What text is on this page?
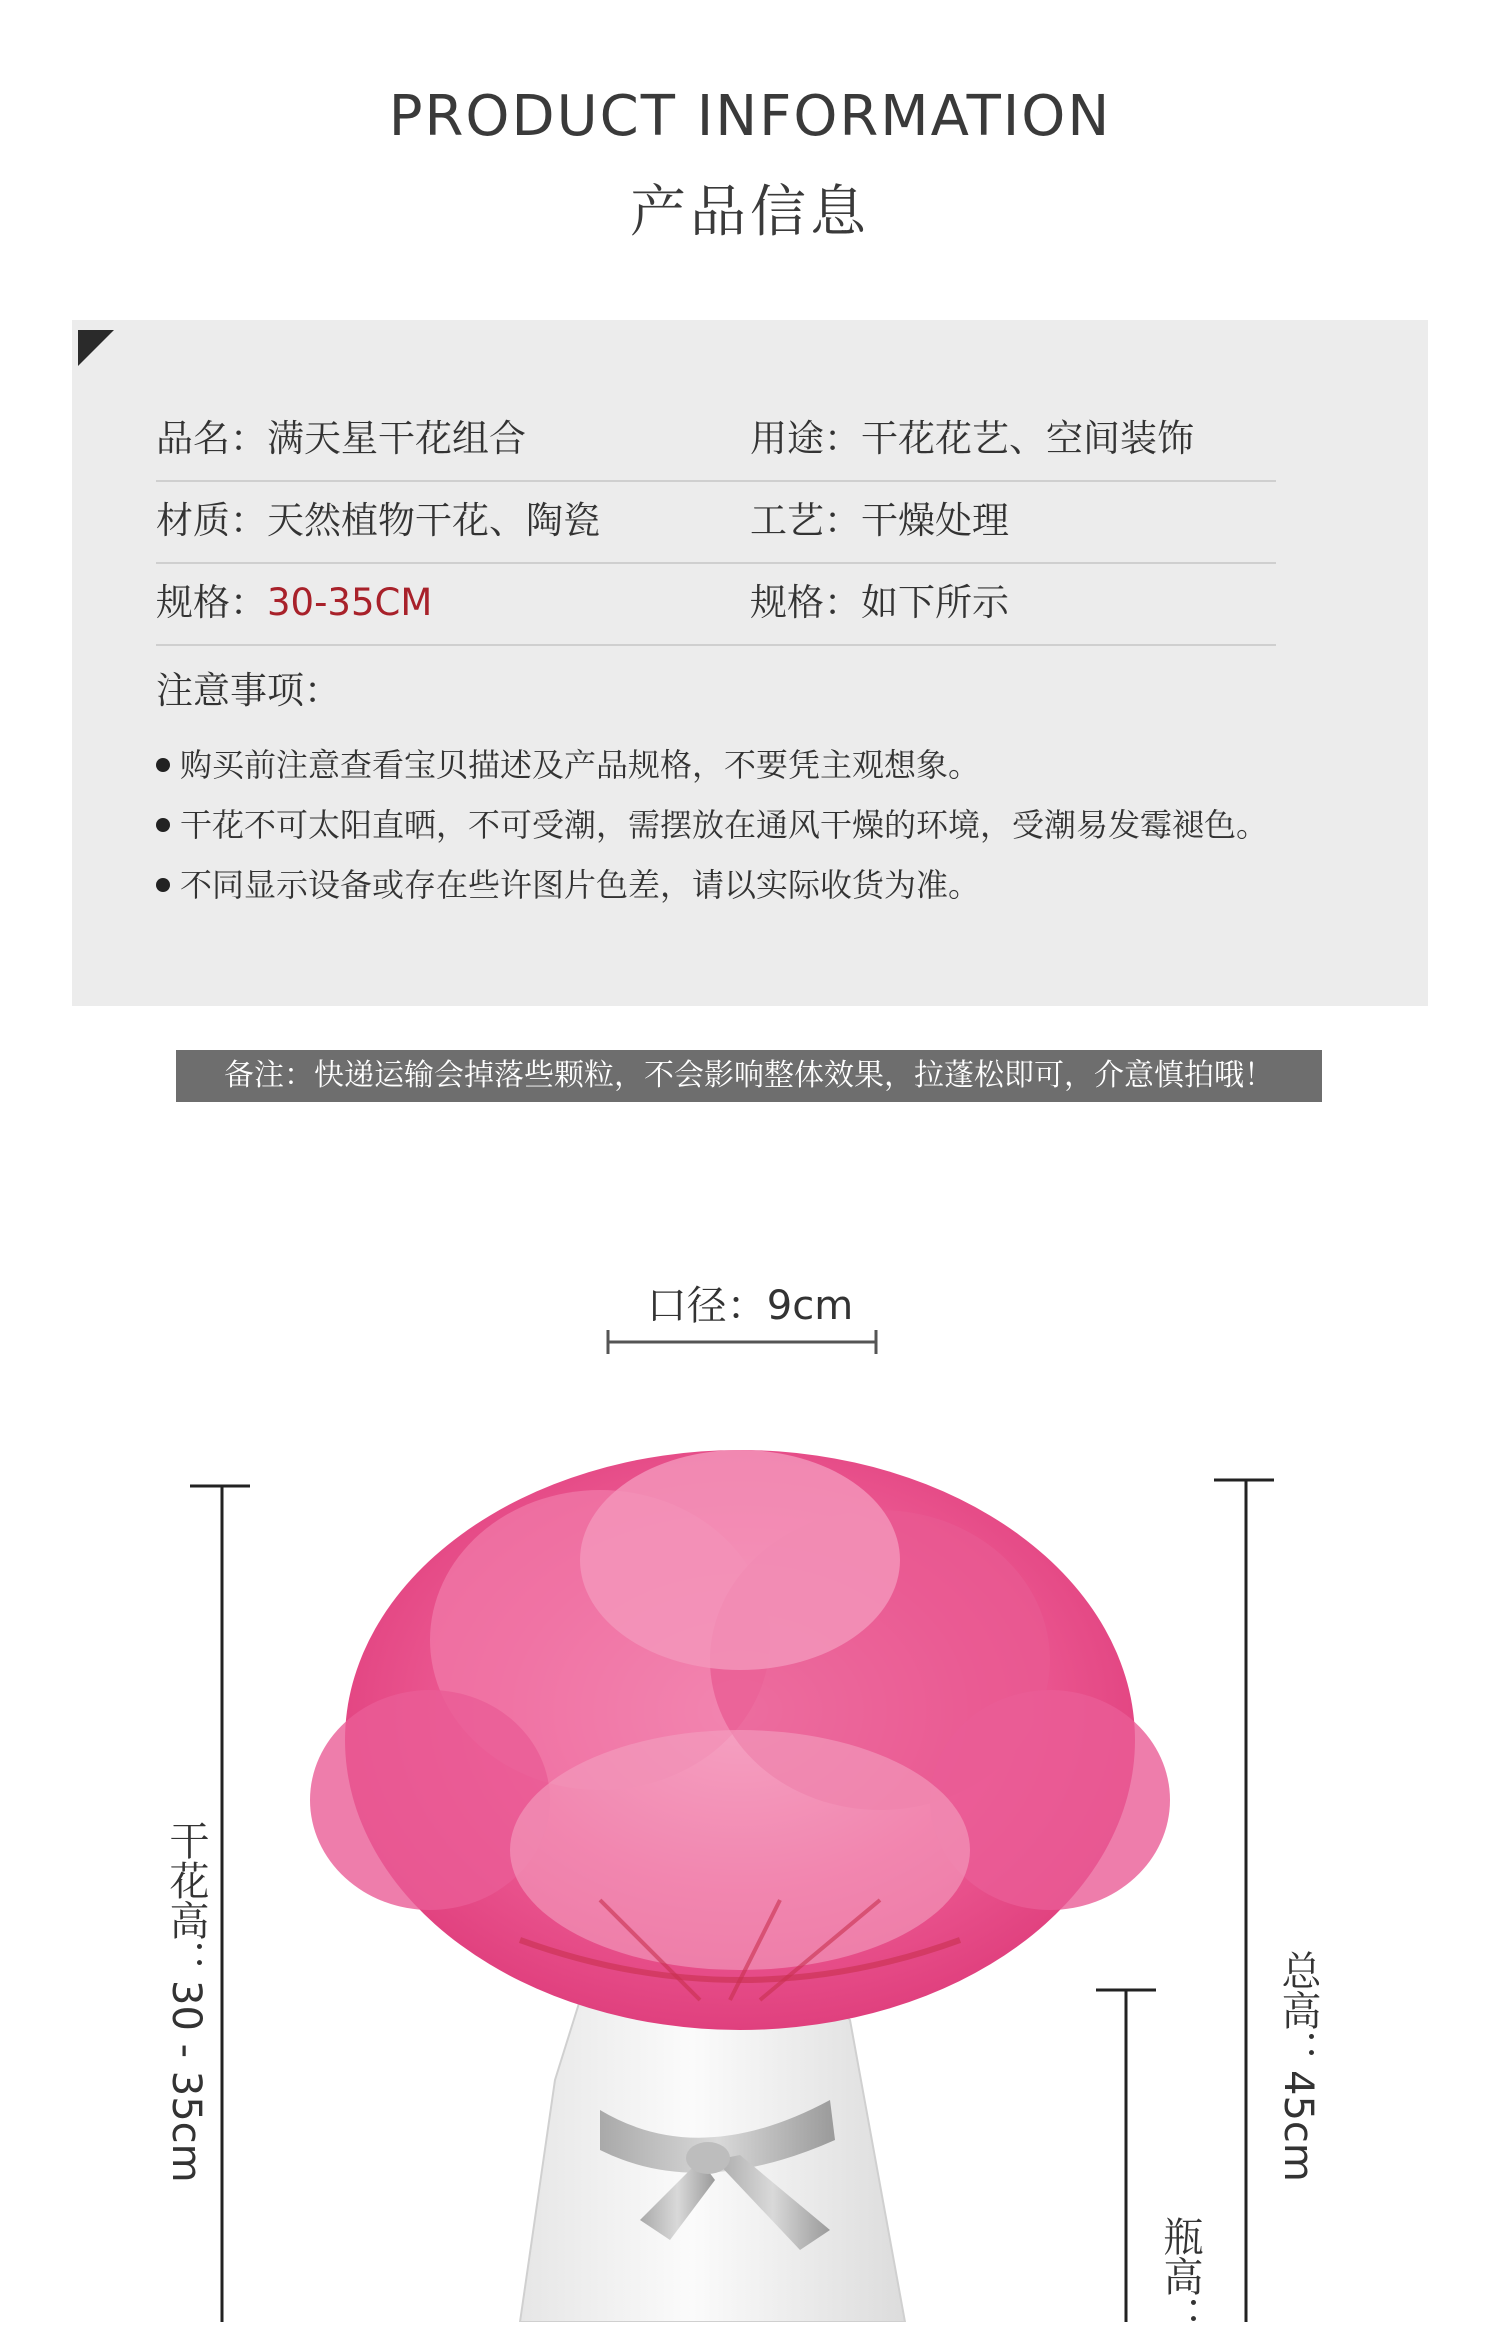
PRODUCT INFORMATION
产品信息
品名：满天星干花组合	用途：干花花艺、空间装饰
材质：天然植物干花、陶瓷	工艺：干燥处理
规格：30-35CM	规格：如下所示
注意事项：
购买前注意查看宝贝描述及产品规格，不要凭主观想象。
干花不可太阳直晒，不可受潮，需摆放在通风干燥的环境，受潮易发霉褪色。
不同显示设备或存在些许图片色差，请以实际收货为准。
备注：快递运输会掉落些颗粒，不会影响整体效果，拉蓬松即可，介意慎拍哦！
口径：9cm
干花高：30 - 35cm	总高：45cm
瓶高：
